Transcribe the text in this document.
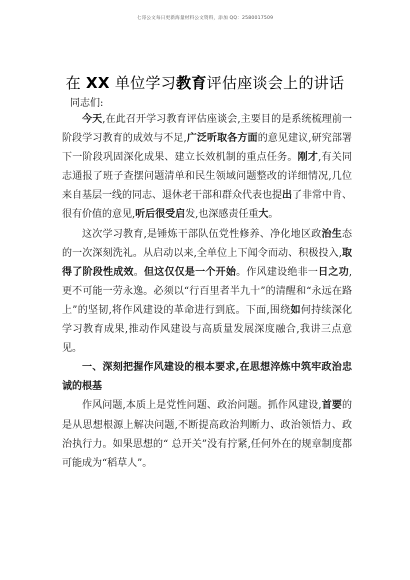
七哥公文每日更新海量材料公文资料，添加 QQ：2580017509
在 XX 单位学习教育评估座谈会上的讲话
同志们:

今天,在此召开学习教育评估座谈会,主要目的是系统梳理前一阶段学习教育的成效与不足,广泛听取各方面的意见建议,研究部署下一阶段巩固深化成果、建立长效机制的重点任务。刚才,有关同志通报了班子查摆问题清单和民生领域问题整改的详细情况,几位来自基层一线的同志、退休老干部和群众代表也提出了非常中肯、很有价值的意见,听后很受启发,也深感责任重大。

这次学习教育,是锤炼干部队伍党性修养、净化地区政治生态的一次深刻洗礼。从启动以来,全单位上下闻令而动、积极投入,取得了阶段性成效。但这仅仅是一个开始。作风建设绝非一日之功,更不可能一劳永逸。必须以“行百里者半九十”的清醒和“永远在路上”的坚韧,将作风建设的革命进行到底。下面,围绕如何持续深化学习教育成果,推动作风建设与高质量发展深度融合,我讲三点意见。

一、深刻把握作风建设的根本要求,在思想淬炼中筑牢政治忠诚的根基

作风问题,本质上是党性问题、政治问题。抓作风建设,首要的是从思想根源上解决问题,不断提高政治判断力、政治领悟力、政治执行力。如果思想的“ 总开关”没有拧紧,任何外在的规章制度都可能成为“稻草人”。
